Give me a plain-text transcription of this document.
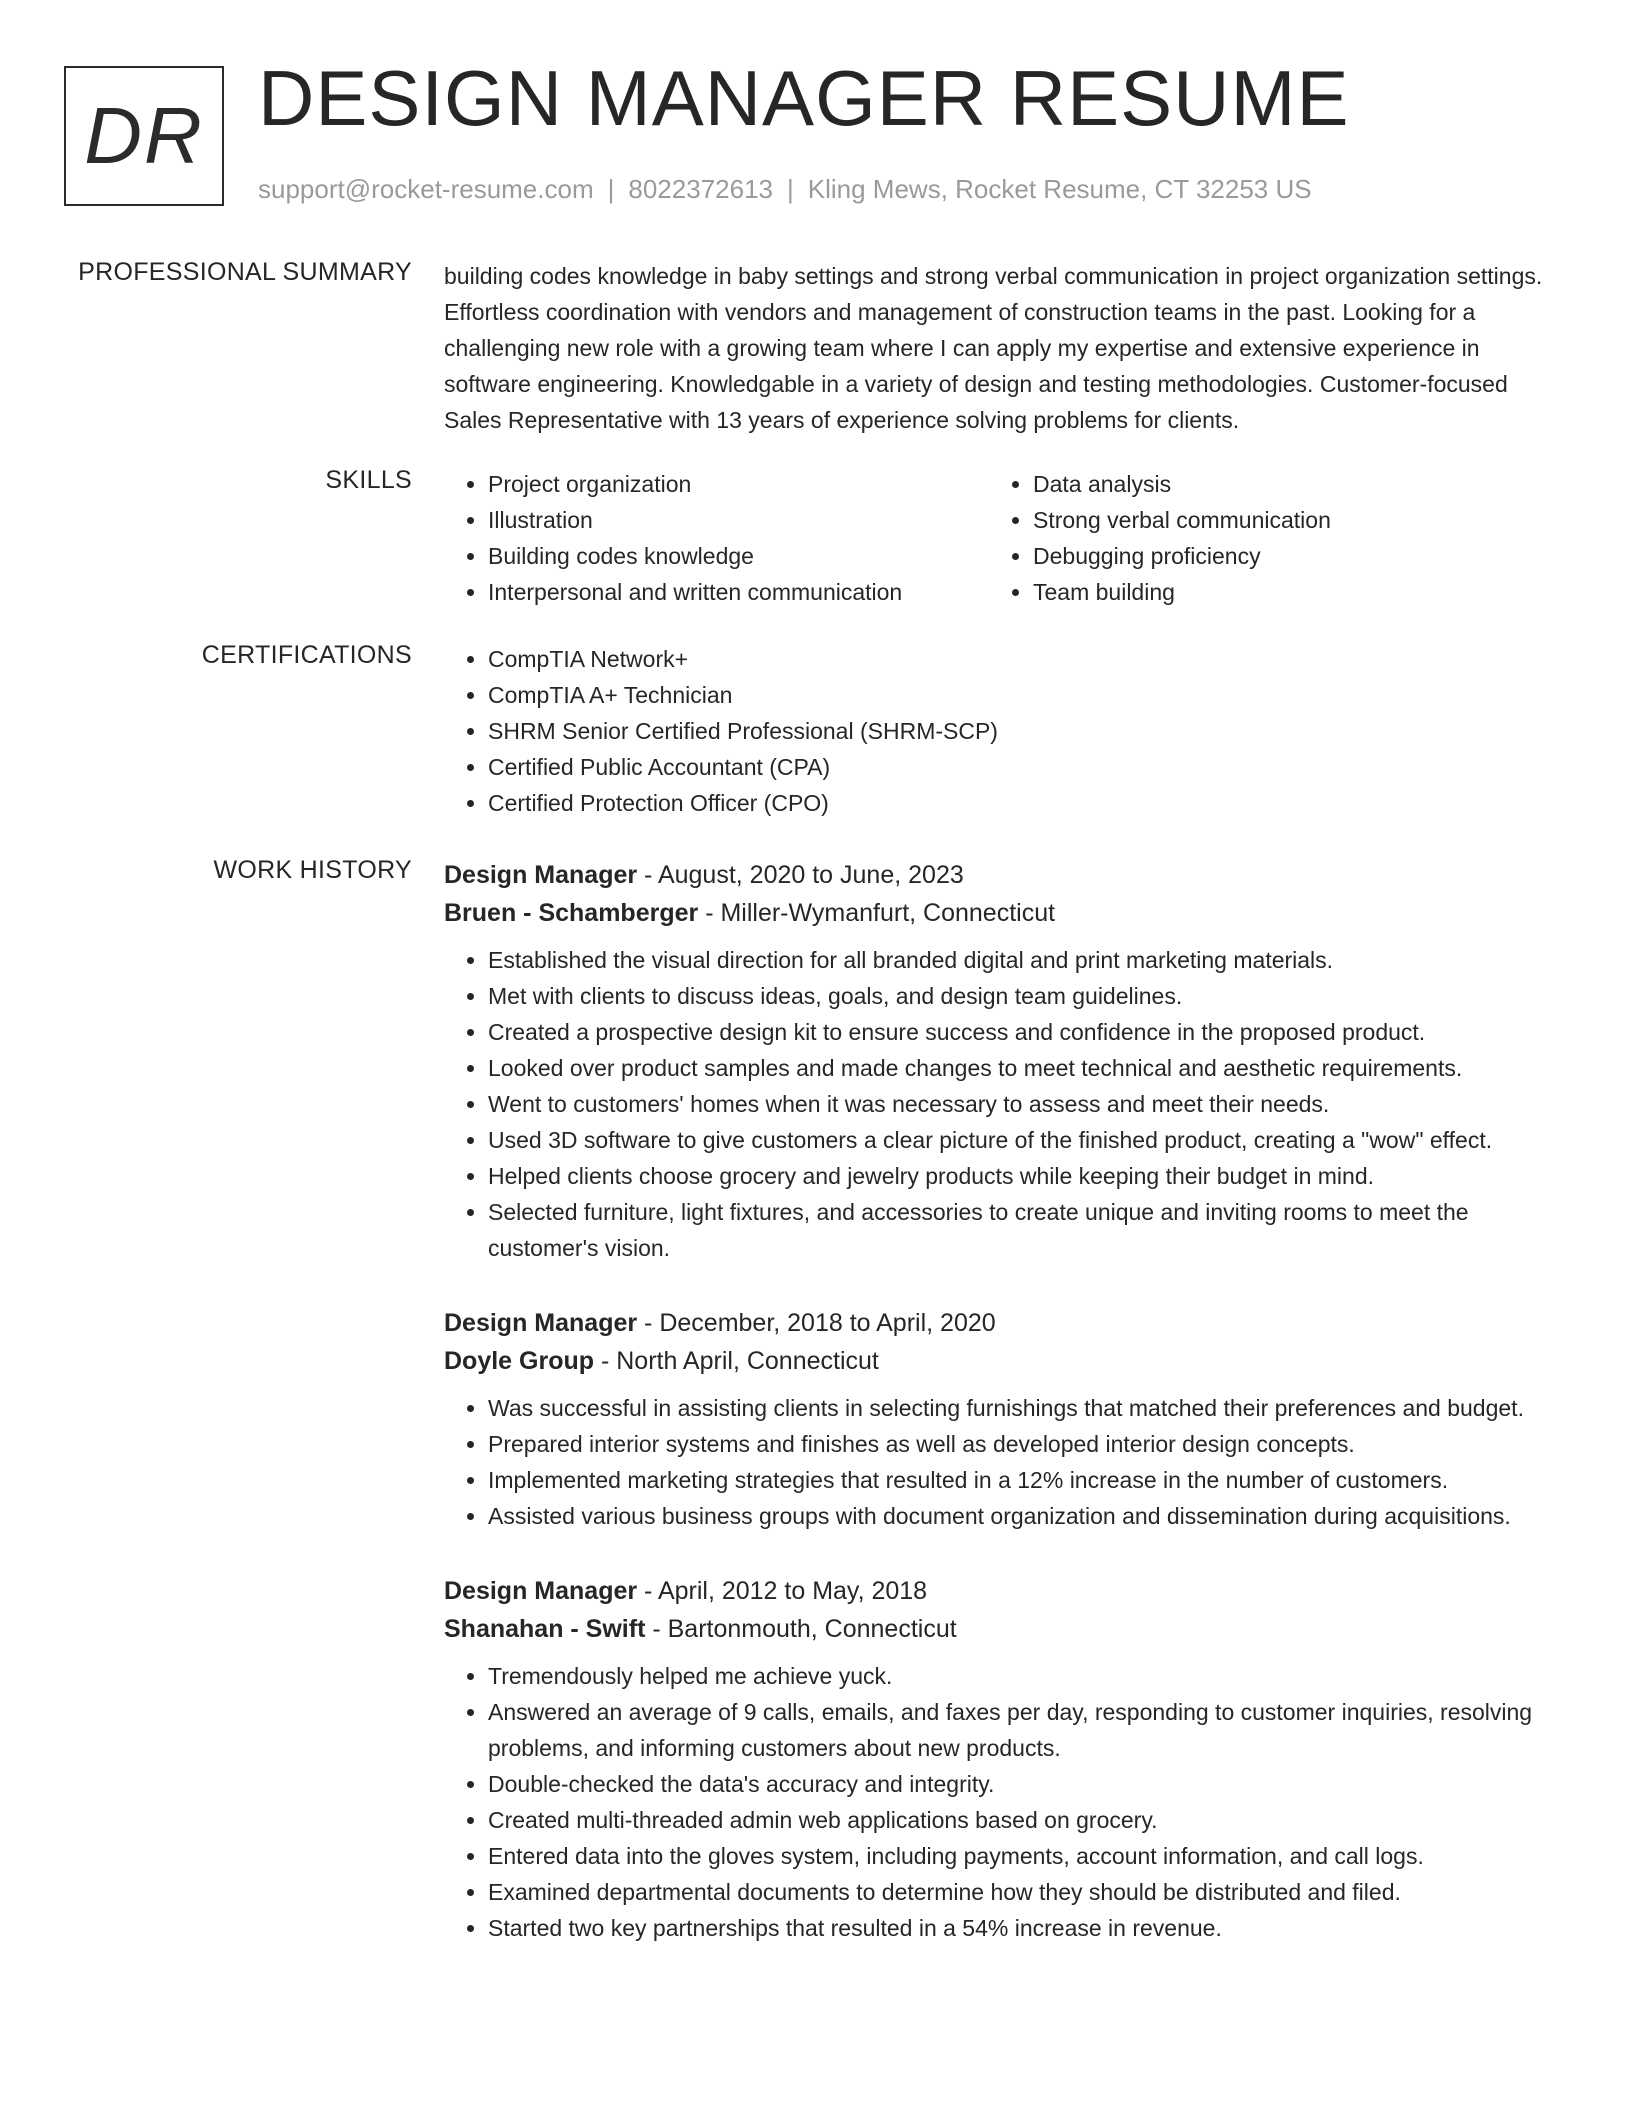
DR DESIGN MANAGER RESUME
support@rocket-resume.com | 8022372613 | Kling Mews, Rocket Resume, CT 32253 US
PROFESSIONAL SUMMARY building codes knowledge in baby settings and strong verbal communication in project organization settings. Effortless coordination with vendors and management of construction teams in the past. Looking for a challenging new role with a growing team where I can apply my expertise and extensive experience in software engineering. Knowledgable in a variety of design and testing methodologies. Customer-focused Sales Representative with 13 years of experience solving problems for clients.

SKILLS	• Project organization
• Illustration
• Building codes knowledge
• Interpersonal and written communication
• Data analysis
• Strong verbal communication
• Debugging proficiency
• Team building
CERTIFICATIONS	• CompTIA Network+
• CompTIA A+ Technician
• SHRM Senior Certified Professional (SHRM-SCP)
• Certified Public Accountant (CPA)
• Certified Protection Officer (CPO)
WORK HISTORY Design Manager - August, 2020 to June, 2023
Bruen - Schamberger - Miller-Wymanfurt, Connecticut
• Established the visual direction for all branded digital and print marketing materials.
• Met with clients to discuss ideas, goals, and design team guidelines.
• Created a prospective design kit to ensure success and confidence in the proposed product.
• Looked over product samples and made changes to meet technical and aesthetic requirements.
• Went to customers' homes when it was necessary to assess and meet their needs.
• Used 3D software to give customers a clear picture of the finished product, creating a "wow" effect.
• Helped clients choose grocery and jewelry products while keeping their budget in mind.
• Selected furniture, light fixtures, and accessories to create unique and inviting rooms to meet the customer's vision.
Design Manager - December, 2018 to April, 2020
Doyle Group - North April, Connecticut
• Was successful in assisting clients in selecting furnishings that matched their preferences and budget.
• Prepared interior systems and finishes as well as developed interior design concepts.
• Implemented marketing strategies that resulted in a 12% increase in the number of customers.
• Assisted various business groups with document organization and dissemination during acquisitions.
Design Manager - April, 2012 to May, 2018
Shanahan - Swift - Bartonmouth, Connecticut
• Tremendously helped me achieve yuck.
• Answered an average of 9 calls, emails, and faxes per day, responding to customer inquiries, resolving problems, and informing customers about new products.
• Double-checked the data's accuracy and integrity.
• Created multi-threaded admin web applications based on grocery.
• Entered data into the gloves system, including payments, account information, and call logs.
• Examined departmental documents to determine how they should be distributed and filed.
• Started two key partnerships that resulted in a 54% increase in revenue.
